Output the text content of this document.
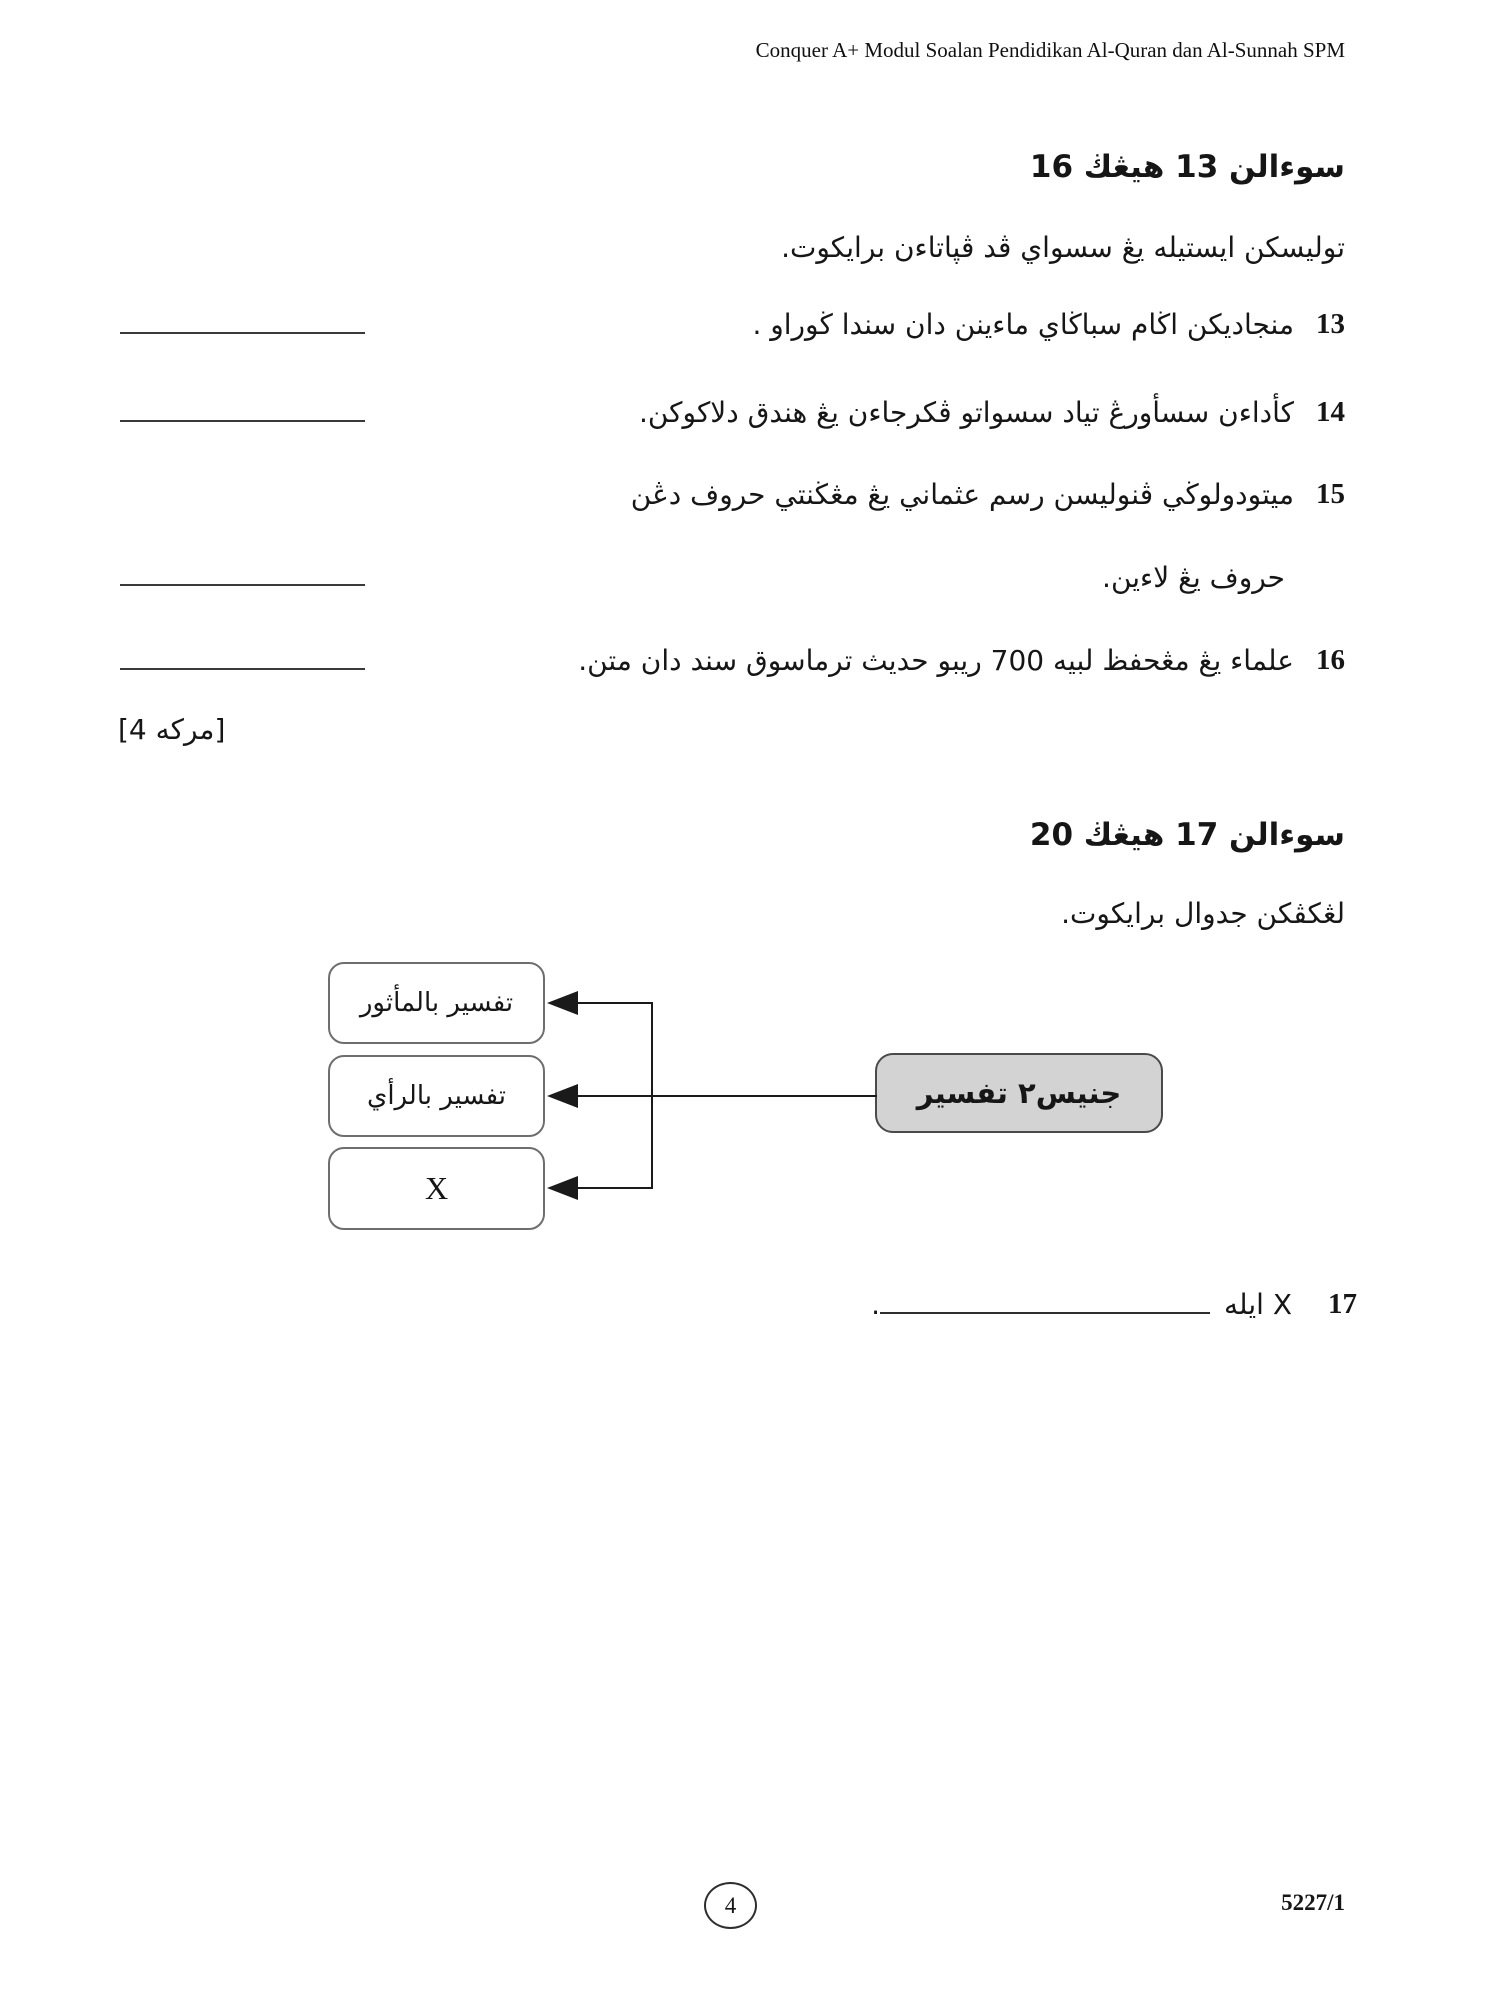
Conquer A+ Modul Soalan Pendidikan Al-Quran dan Al-Sunnah SPM
سوءالن 13 هيڠڬ 16
توليسكن ايستيله يڠ سسواي ڤد ڤڽاتاءن برايكوت.
13
منجاديكن اڬام سباڬاي ماءينن دان سندا ڬوراو .
14
كأداءن سسأورڠ تياد سسواتو ڤكرجاءن يڠ هندق دلاكوكن.
15
ميتودولوڬي ڤنوليسن رسم عثماني يڠ مڠڬنتي حروف دڠن
حروف يڠ لاءين.
16
علماء يڠ مڠحفظ لبيه 700 ريبو حديث ترماسوق سند دان متن.
[4 مركه]
سوءالن 17 هيڠڬ 20
لڠكڤكن جدوال برايكوت.
تفسير بالمأثور
تفسير بالرأي
X
جنيس٢ تفسير
17
X ايله
.
4	5227/1
